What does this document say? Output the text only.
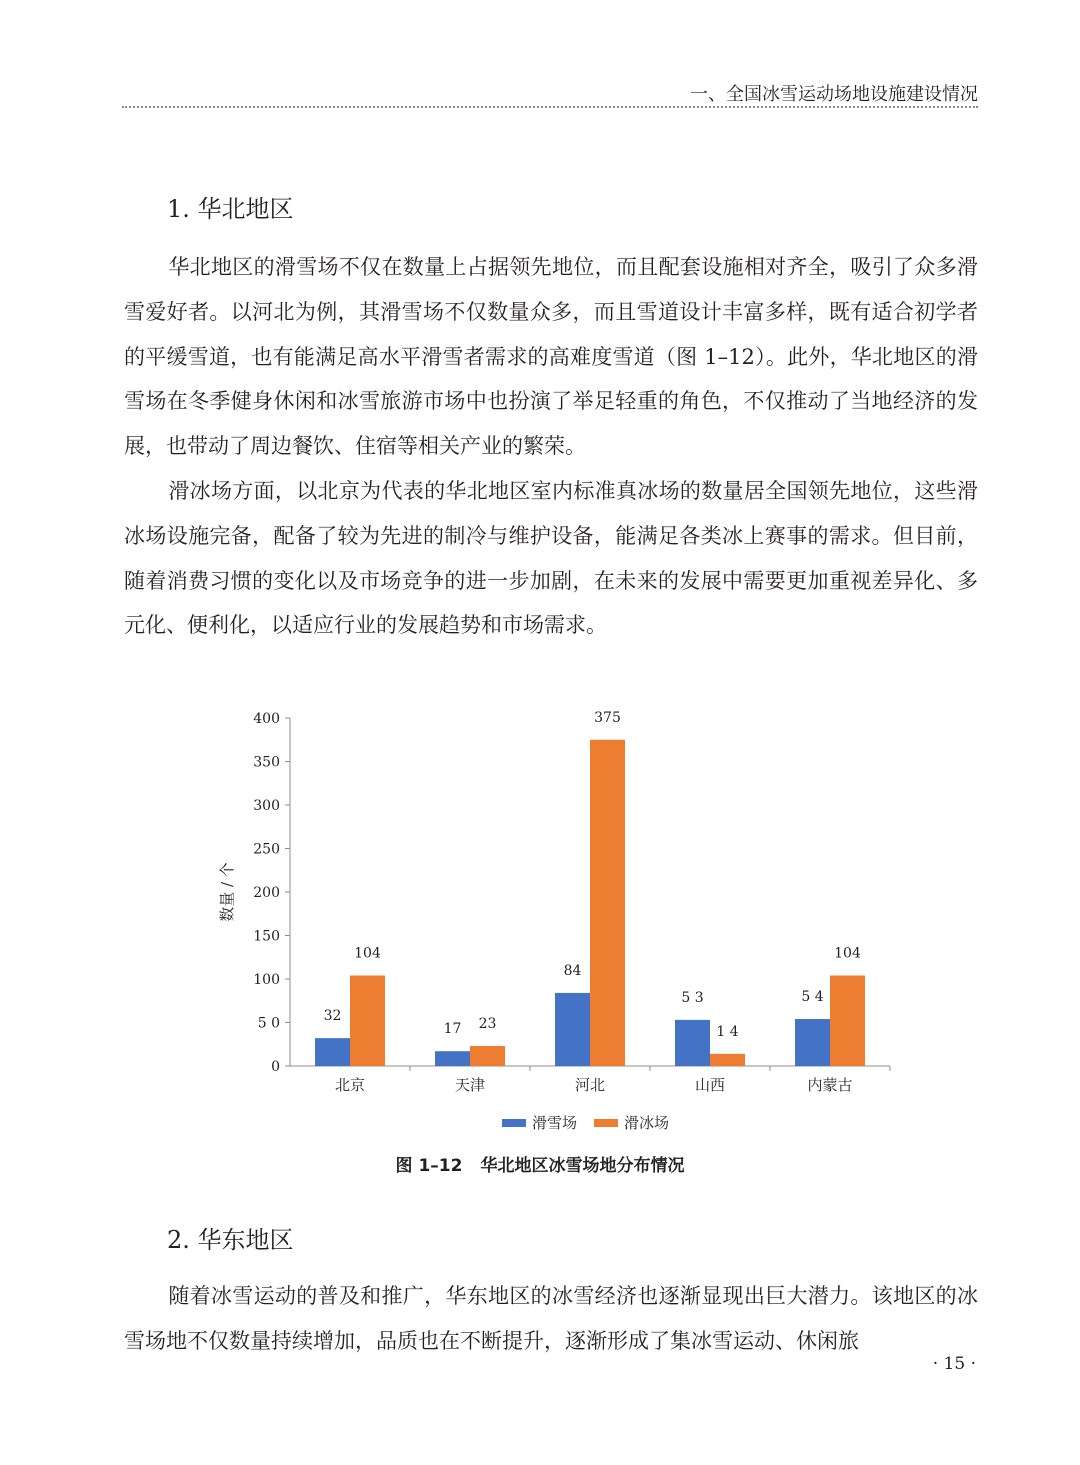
一、全国冰雪运动场地设施建设情况
1. 华北地区

华北地区的滑雪场不仅在数量上占据领先地位，而且配套设施相对齐全，吸引了众多滑雪爱好者。以河北为例，其滑雪场不仅数量众多，而且雪道设计丰富多样，既有适合初学者的平缓雪道，也有能满足高水平滑雪者需求的高难度雪道（图 1–12）。此外，华北地区的滑雪场在冬季健身休闲和冰雪旅游市场中也扮演了举足轻重的角色，不仅推动了当地经济的发展，也带动了周边餐饮、住宿等相关产业的繁荣。

滑冰场方面，以北京为代表的华北地区室内标准真冰场的数量居全国领先地位，这些滑冰场设施完备，配备了较为先进的制冷与维护设备，能满足各类冰上赛事的需求。但目前，随着消费习惯的变化以及市场竞争的进一步加剧，在未来的发展中需要更加重视差异化、多元化、便利化，以适应行业的发展趋势和市场需求。

0
5 0
100
150
200
250
300
350
400
数量 / 个
北京
32
104
天津
17 23
河北
84
375
山西
5 3
1 4
内蒙古
5 4
104
滑雪场	滑冰场
图 1–12 华北地区冰雪场地分布情况
2. 华东地区

随着冰雪运动的普及和推广，华东地区的冰雪经济也逐渐显现出巨大潜力。该地区的冰雪场地不仅数量持续增加，品质也在不断提升，逐渐形成了集冰雪运动、休闲旅

· 15 ·
